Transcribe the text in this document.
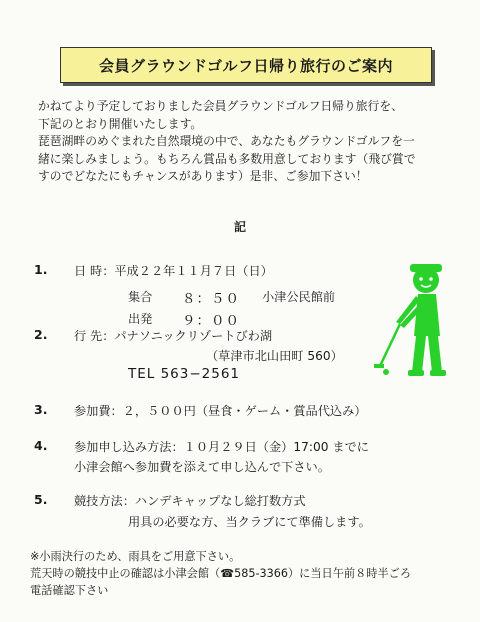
会員グラウンドゴルフ日帰り旅行のご案内
かねてより予定しておりました会員グラウンドゴルフ日帰り旅行を、
下記のとおり開催いたします。
琵琶湖畔のめぐまれた自然環境の中で、あなたもグラウンドゴルフを一
緒に楽しみましょう。もちろん賞品も多数用意しております（飛び賞で
すのでどなたにもチャンスがあります）是非、ご参加下さい！
記
1. 日 時：平成２２年１１月７日（日）
集合 ８：５０ 小津公民館前
出発 ９：００
2. 行 先：パナソニックリゾートびわ湖
（草津市北山田町 560）
TEL 563−2561
3. 参加費：２，５００円（昼食・ゲーム・賞品代込み）
4. 参加申し込み方法：１０月２９日（金）17:00 までに
小津会館へ参加費を添えて申し込んで下さい。
5. 競技方法：ハンデキャップなし総打数方式
用具の必要な方、当クラブにて準備します。
※小雨決行のため、雨具をご用意下さい。
荒天時の競技中止の確認は小津会館（☎585-3366）に当日午前８時半ごろ
電話確認下さい
